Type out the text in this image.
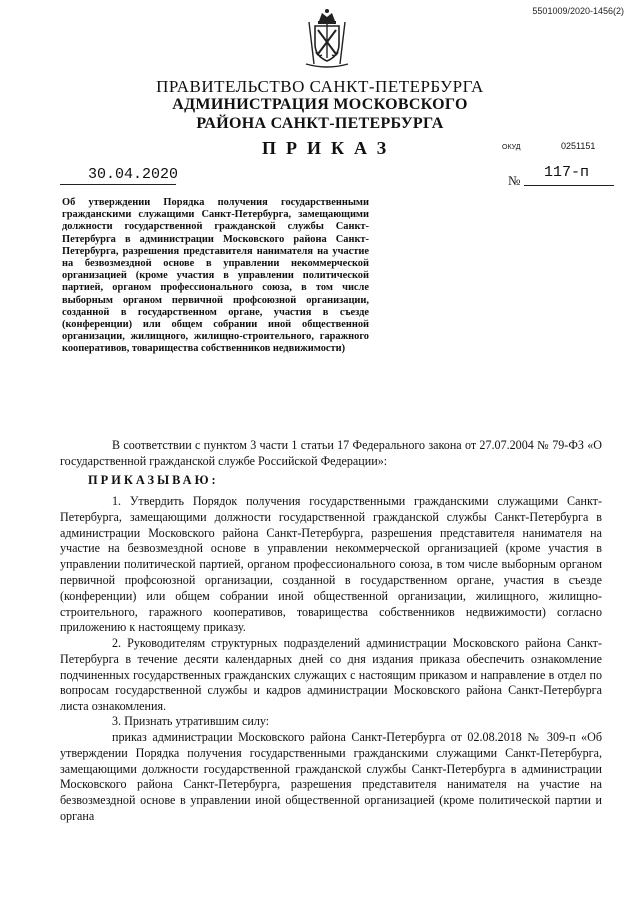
5501009/2020-1456(2)
ПРАВИТЕЛЬСТВО САНКТ-ПЕТЕРБУРГА
АДМИНИСТРАЦИЯ МОСКОВСКОГО
РАЙОНА САНКТ-ПЕТЕРБУРГА
ПРИКАЗ	ОКУД	0251151
30.04.2020	№ 117-п

Об утверждении Порядка получения государственными гражданскими служащими Санкт-Петербурга, замещающими должности государственной гражданской службы Санкт-Петербурга в администрации Московского района Санкт-Петербурга, разрешения представителя нанимателя на участие на безвозмездной основе в управлении некоммерческой организацией (кроме участия в управлении политической партией, органом профессионального союза, в том числе выборным органом первичной профсоюзной организации, созданной в государственном органе, участия в съезде (конференции) или общем собрании иной общественной организации, жилищного, жилищно-строительного, гаражного кооперативов, товарищества собственников недвижимости)

В соответствии с пунктом 3 части 1 статьи 17 Федерального закона от 27.07.2004 № 79-ФЗ «О государственной гражданской службе Российской Федерации»:

ПРИКАЗЫВАЮ:

1. Утвердить Порядок получения государственными гражданскими служащими Санкт-Петербурга, замещающими должности государственной гражданской службы Санкт-Петербурга в администрации Московского района Санкт-Петербурга, разрешения представителя нанимателя на участие на безвозмездной основе в управлении некоммерческой организацией (кроме участия в управлении политической партией, органом профессионального союза, в том числе выборным органом первичной профсоюзной организации, созданной в государственном органе, участия в съезде (конференции) или общем собрании иной общественной организации, жилищного, жилищно-строительного, гаражного кооперативов, товарищества собственников недвижимости) согласно приложению к настоящему приказу.

2. Руководителям структурных подразделений администрации Московского района Санкт-Петербурга в течение десяти календарных дней со дня издания приказа обеспечить ознакомление подчиненных государственных гражданских служащих с настоящим приказом и направление в отдел по вопросам государственной службы и кадров администрации Московского района Санкт-Петербурга листа ознакомления.

3. Признать утратившим силу:

приказ администрации Московского района Санкт-Петербурга от 02.08.2018 № 309-п «Об утверждении Порядка получения государственными гражданскими служащими Санкт-Петербурга, замещающими должности государственной гражданской службы Санкт-Петербурга в администрации Московского района Санкт-Петербурга, разрешения представителя нанимателя на участие на безвозмездной основе в управлении иной общественной организацией (кроме политической партии и органа
